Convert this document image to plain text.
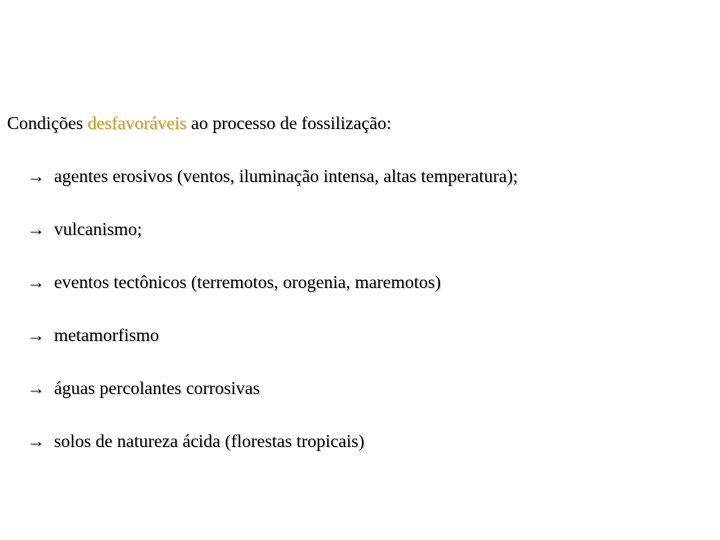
Condições desfavoráveis ao processo de fossilização:
→ agentes erosivos (ventos, iluminação intensa, altas temperatura);
→ vulcanismo;
→ eventos tectônicos (terremotos, orogenia, maremotos)
→ metamorfismo
→ águas percolantes corrosivas
→ solos de natureza ácida (florestas tropicais)
